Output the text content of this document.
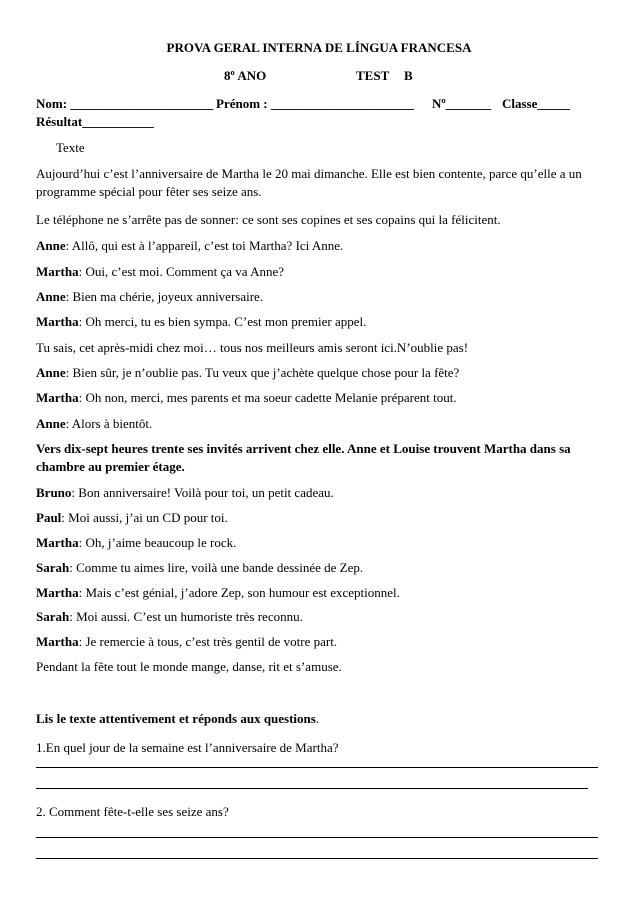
PROVA GERAL INTERNA DE LÍNGUA FRANCESA
8º ANO	TEST B
Nom: ______________________ Prénom : ______________________ Nº_______ Classe_____
Résultat___________
Texte
Aujourd’hui c’est l’anniversaire de Martha le 20 mai dimanche. Elle est bien contente, parce qu’elle a un
programme spécial pour fêter ses seize ans.
Le téléphone ne s’arrête pas de sonner: ce sont ses copines et ses copains qui la félicitent.
Anne: Allô, qui est à l’appareil, c’est toi Martha? Ici Anne.
Martha: Oui, c’est moi. Comment ça va Anne?
Anne: Bien ma chérie, joyeux anniversaire.
Martha: Oh merci, tu es bien sympa. C’est mon premier appel.
Tu sais, cet après-midi chez moi… tous nos meilleurs amis seront ici.N’oublie pas!
Anne: Bien sûr, je n’oublie pas. Tu veux que j’achète quelque chose pour la fête?
Martha: Oh non, merci, mes parents et ma soeur cadette Melanie préparent tout.
Anne: Alors à bientôt.
Vers dix-sept heures trente ses invités arrivent chez elle. Anne et Louise trouvent Martha dans sa
chambre au premier étage.
Bruno: Bon anniversaire! Voilà pour toi, un petit cadeau.
Paul: Moi aussi, j’ai un CD pour toi.
Martha: Oh, j’aime beaucoup le rock.
Sarah: Comme tu aimes lire, voilà une bande dessinée de Zep.
Martha: Mais c’est génial, j’adore Zep, son humour est exceptionnel.
Sarah: Moi aussi. C’est un humoriste très reconnu.
Martha: Je remercie à tous, c’est très gentil de votre part.
Pendant la fête tout le monde mange, danse, rit et s’amuse.
Lis le texte attentivement et réponds aux questions.
1.En quel jour de la semaine est l’anniversaire de Martha?
2. Comment fête-t-elle ses seize ans?
